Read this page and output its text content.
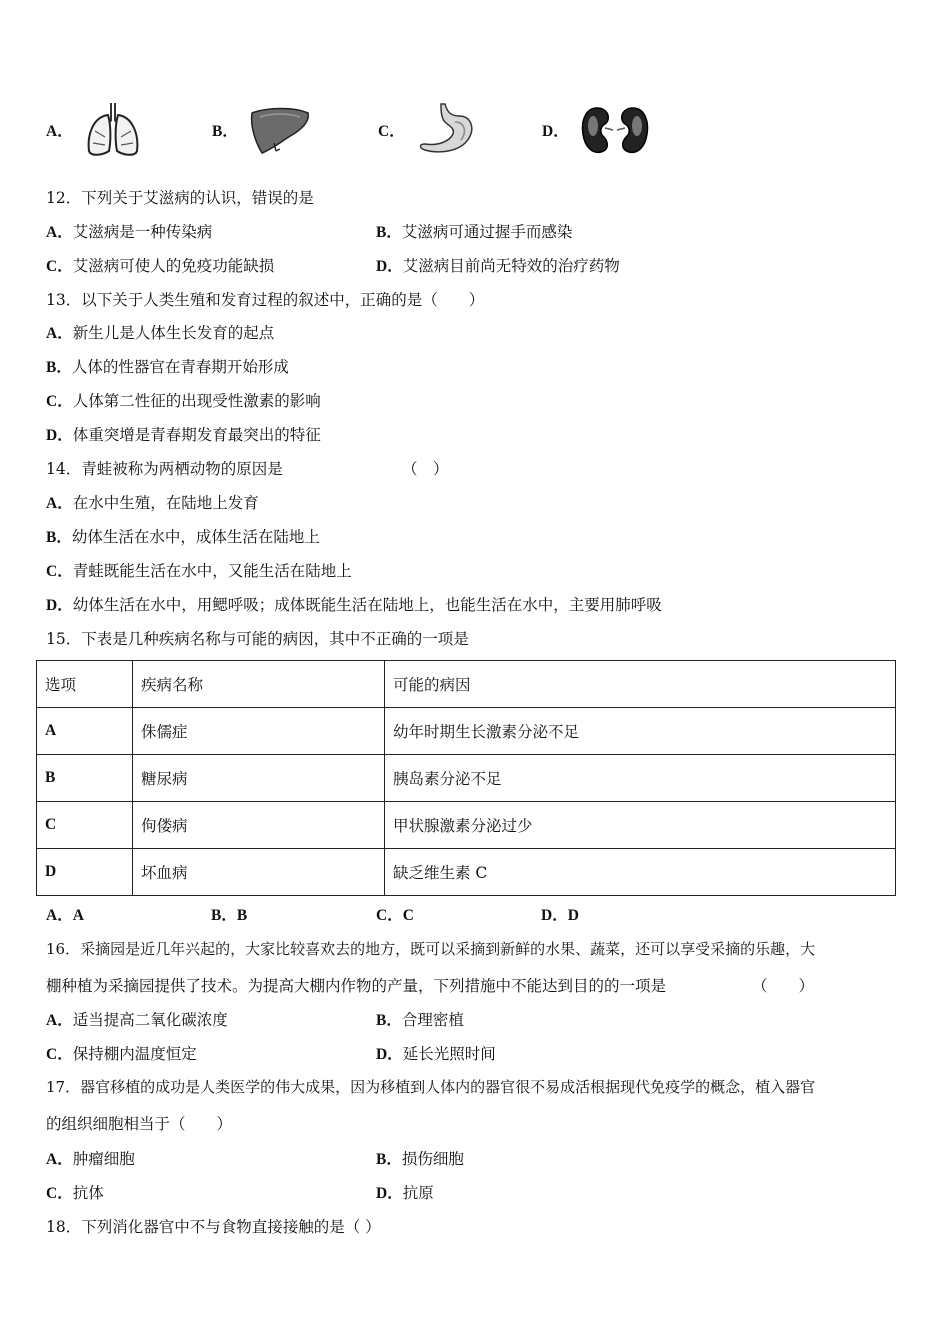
A．	B．	C．	D．
12．下列关于艾滋病的认识，错误的是
A．艾滋病是一种传染病	B．艾滋病可通过握手而感染
C．艾滋病可使人的免疫功能缺损	D．艾滋病目前尚无特效的治疗药物
13．以下关于人类生殖和发育过程的叙述中，正确的是（　　）
A．新生儿是人体生长发育的起点
B．人体的性器官在青春期开始形成
C．人体第二性征的出现受性激素的影响
D．体重突增是青春期发育最突出的特征
14．青蛙被称为两栖动物的原因是	（　）
A．在水中生殖，在陆地上发育
B．幼体生活在水中，成体生活在陆地上
C．青蛙既能生活在水中，又能生活在陆地上
D．幼体生活在水中，用鳃呼吸；成体既能生活在陆地上，也能生活在水中，主要用肺呼吸
15．下表是几种疾病名称与可能的病因，其中不正确的一项是
选项	疾病名称	可能的病因
A	侏儒症	幼年时期生长激素分泌不足
B	糖尿病	胰岛素分泌不足
C	佝偻病	甲状腺激素分泌过少
D	坏血病	缺乏维生素 C
A．A	B．B	C．C	D．D
16．采摘园是近几年兴起的，大家比较喜欢去的地方，既可以采摘到新鲜的水果、蔬菜，还可以享受采摘的乐趣，大
棚种植为采摘园提供了技术。为提高大棚内作物的产量，下列措施中不能达到目的的一项是	（　　）
A．适当提高二氧化碳浓度	B．合理密植
C．保持棚内温度恒定	D．延长光照时间
17．器官移植的成功是人类医学的伟大成果，因为移植到人体内的器官很不易成活根据现代免疫学的概念，植入器官
的组织细胞相当于（　　）
A．肿瘤细胞	B．损伤细胞
C．抗体	D．抗原
18．下列消化器官中不与食物直接接触的是（ ）
